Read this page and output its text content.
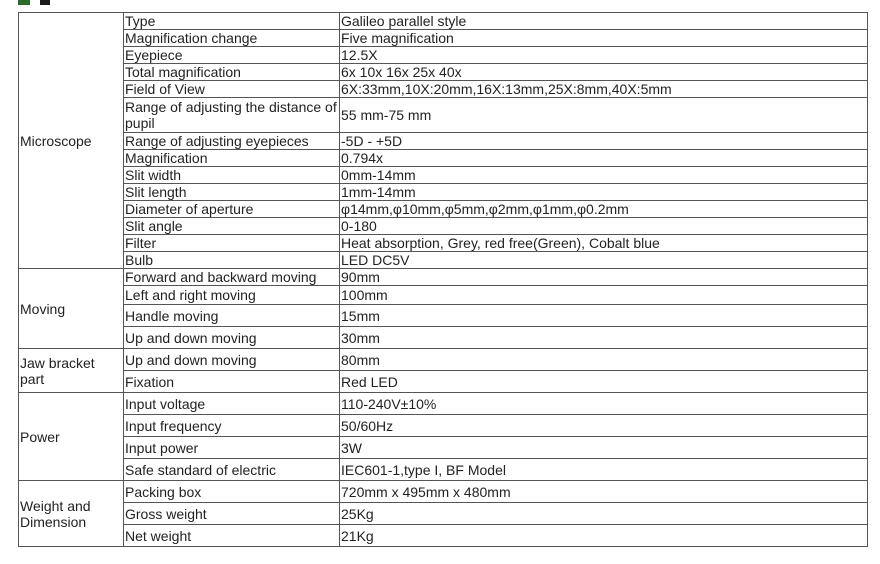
Microscope	Type	Galileo parallel style
	Magnification change	Five magnification
	Eyepiece	12.5X
	Total magnification	6x 10x 16x 25x 40x
	Field of View	6X:33mm,10X:20mm,16X:13mm,25X:8mm,40X:5mm
	Range of adjusting the distance of pupil	55 mm-75 mm
	Range of adjusting eyepieces	-5D - +5D
	Magnification	0.794x
	Slit width	0mm-14mm
	Slit length	1mm-14mm
	Diameter of aperture	φ14mm,φ10mm,φ5mm,φ2mm,φ1mm,φ0.2mm
	Slit angle	0-180
	Filter	Heat absorption, Grey, red free(Green), Cobalt blue
	Bulb	LED DC5V
Moving	Forward and backward moving	90mm
	Left and right moving	100mm
	Handle moving	15mm
	Up and down moving	30mm
Jaw bracket part	Up and down moving	80mm
	Fixation	Red LED
Power	Input voltage	110-240V±10%
	Input frequency	50/60Hz
	Input power	3W
	Safe standard of electric	IEC601-1,type I, BF Model
Weight and Dimension	Packing box	720mm x 495mm x 480mm
	Gross weight	25Kg
	Net weight	21Kg
